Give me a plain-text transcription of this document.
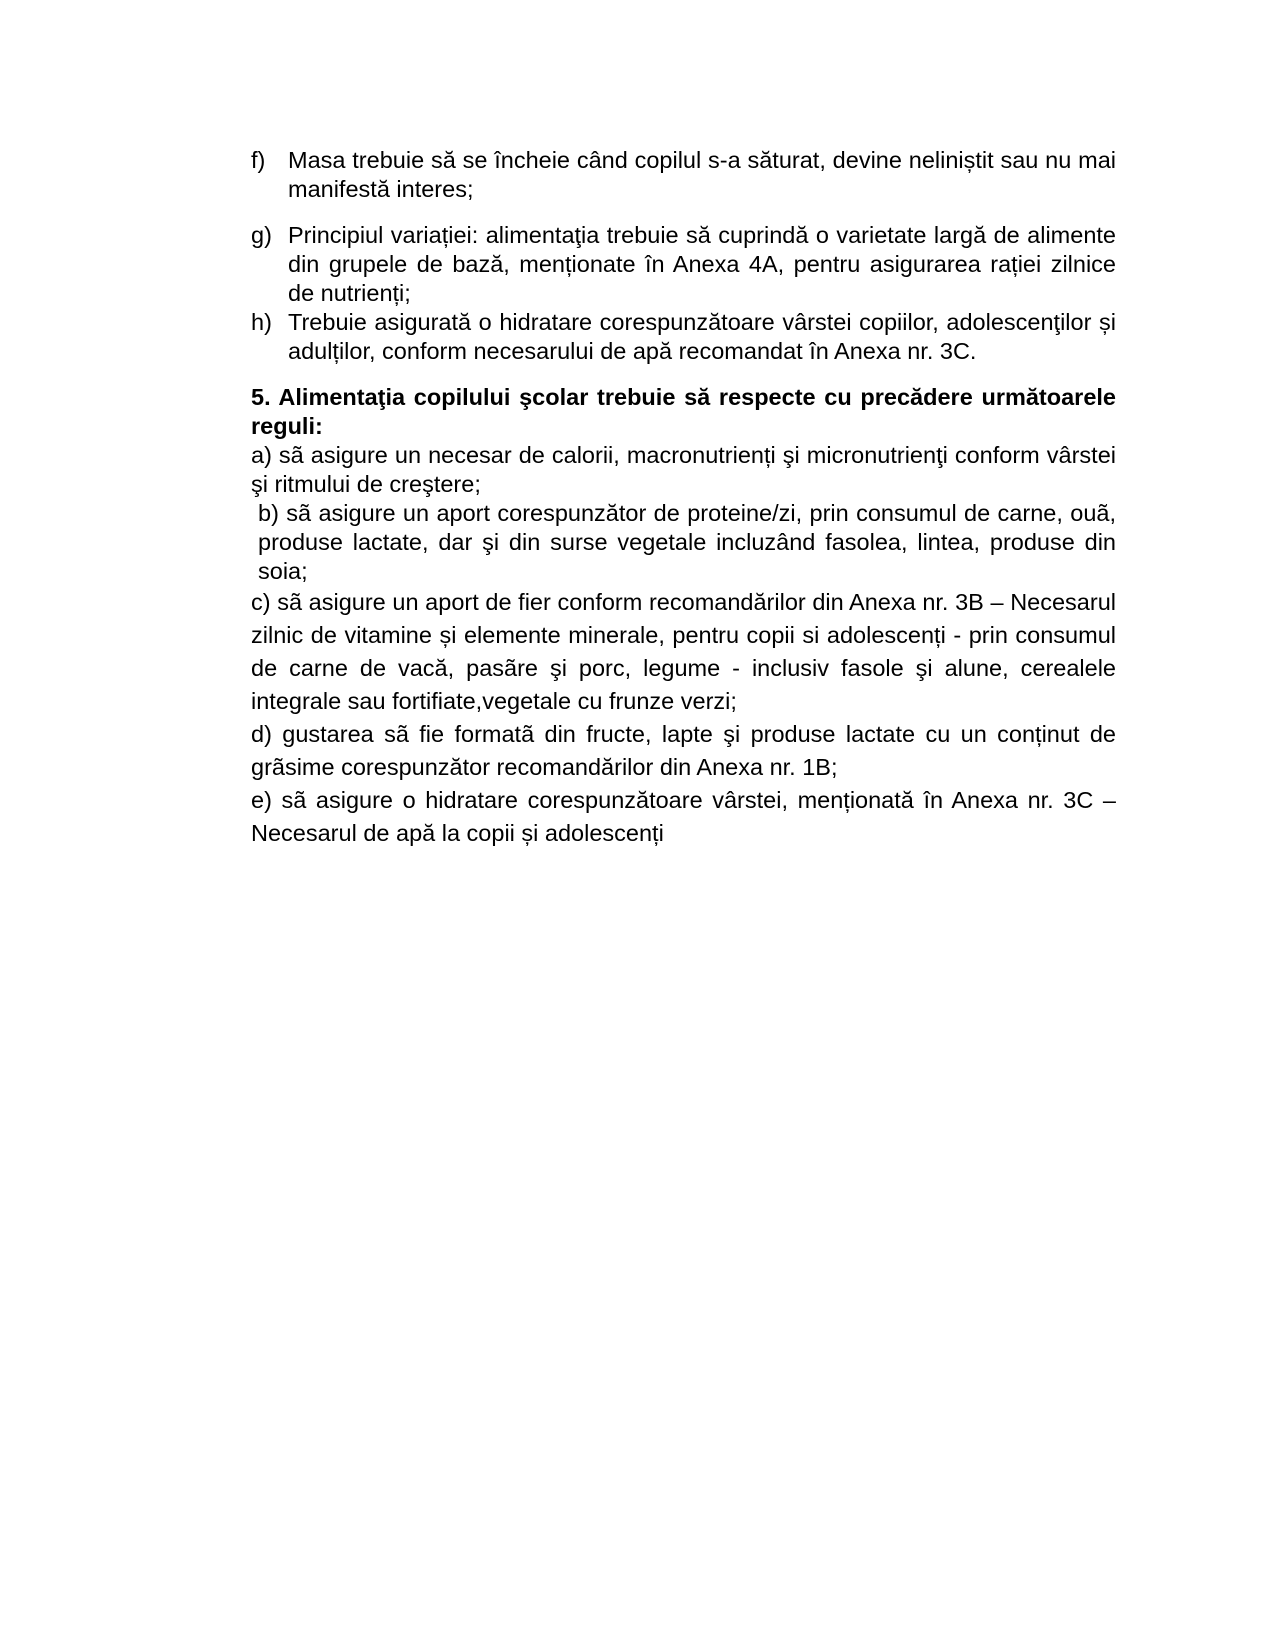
f) Masa trebuie să se încheie când copilul s-a săturat, devine neliniștit sau nu mai manifestă interes;
g) Principiul variației: alimentaţia trebuie să cuprindă o varietate largă de alimente din grupele de bază, menționate în Anexa 4A, pentru asigurarea rației zilnice de nutrienți;
h) Trebuie asigurată o hidratare corespunzătoare vârstei copiilor, adolescenţilor și adulților, conform necesarului de apă recomandat în Anexa nr. 3C.

5. Alimentaţia copilului şcolar trebuie să respecte cu precădere următoarele reguli:

a) sã asigure un necesar de calorii, macronutrienți şi micronutrienţi conform vârstei şi ritmului de creştere;

b) sã asigure un aport corespunzător de proteine/zi, prin consumul de carne, ouã, produse lactate, dar şi din surse vegetale incluzând fasolea, lintea, produse din soia;

c) sã asigure un aport de fier conform recomandărilor din Anexa nr. 3B – Necesarul zilnic de vitamine și elemente minerale, pentru copii si adolescenți - prin consumul de carne de vacă, pasãre şi porc, legume - inclusiv fasole şi alune, cerealele integrale sau fortifiate,vegetale cu frunze verzi;

d) gustarea sã fie formatã din fructe, lapte şi produse lactate cu un conținut de grãsime corespunzător recomandărilor din Anexa nr. 1B;

e) sã asigure o hidratare corespunzătoare vârstei, menționată în Anexa nr. 3C – Necesarul de apă la copii și adolescenți
